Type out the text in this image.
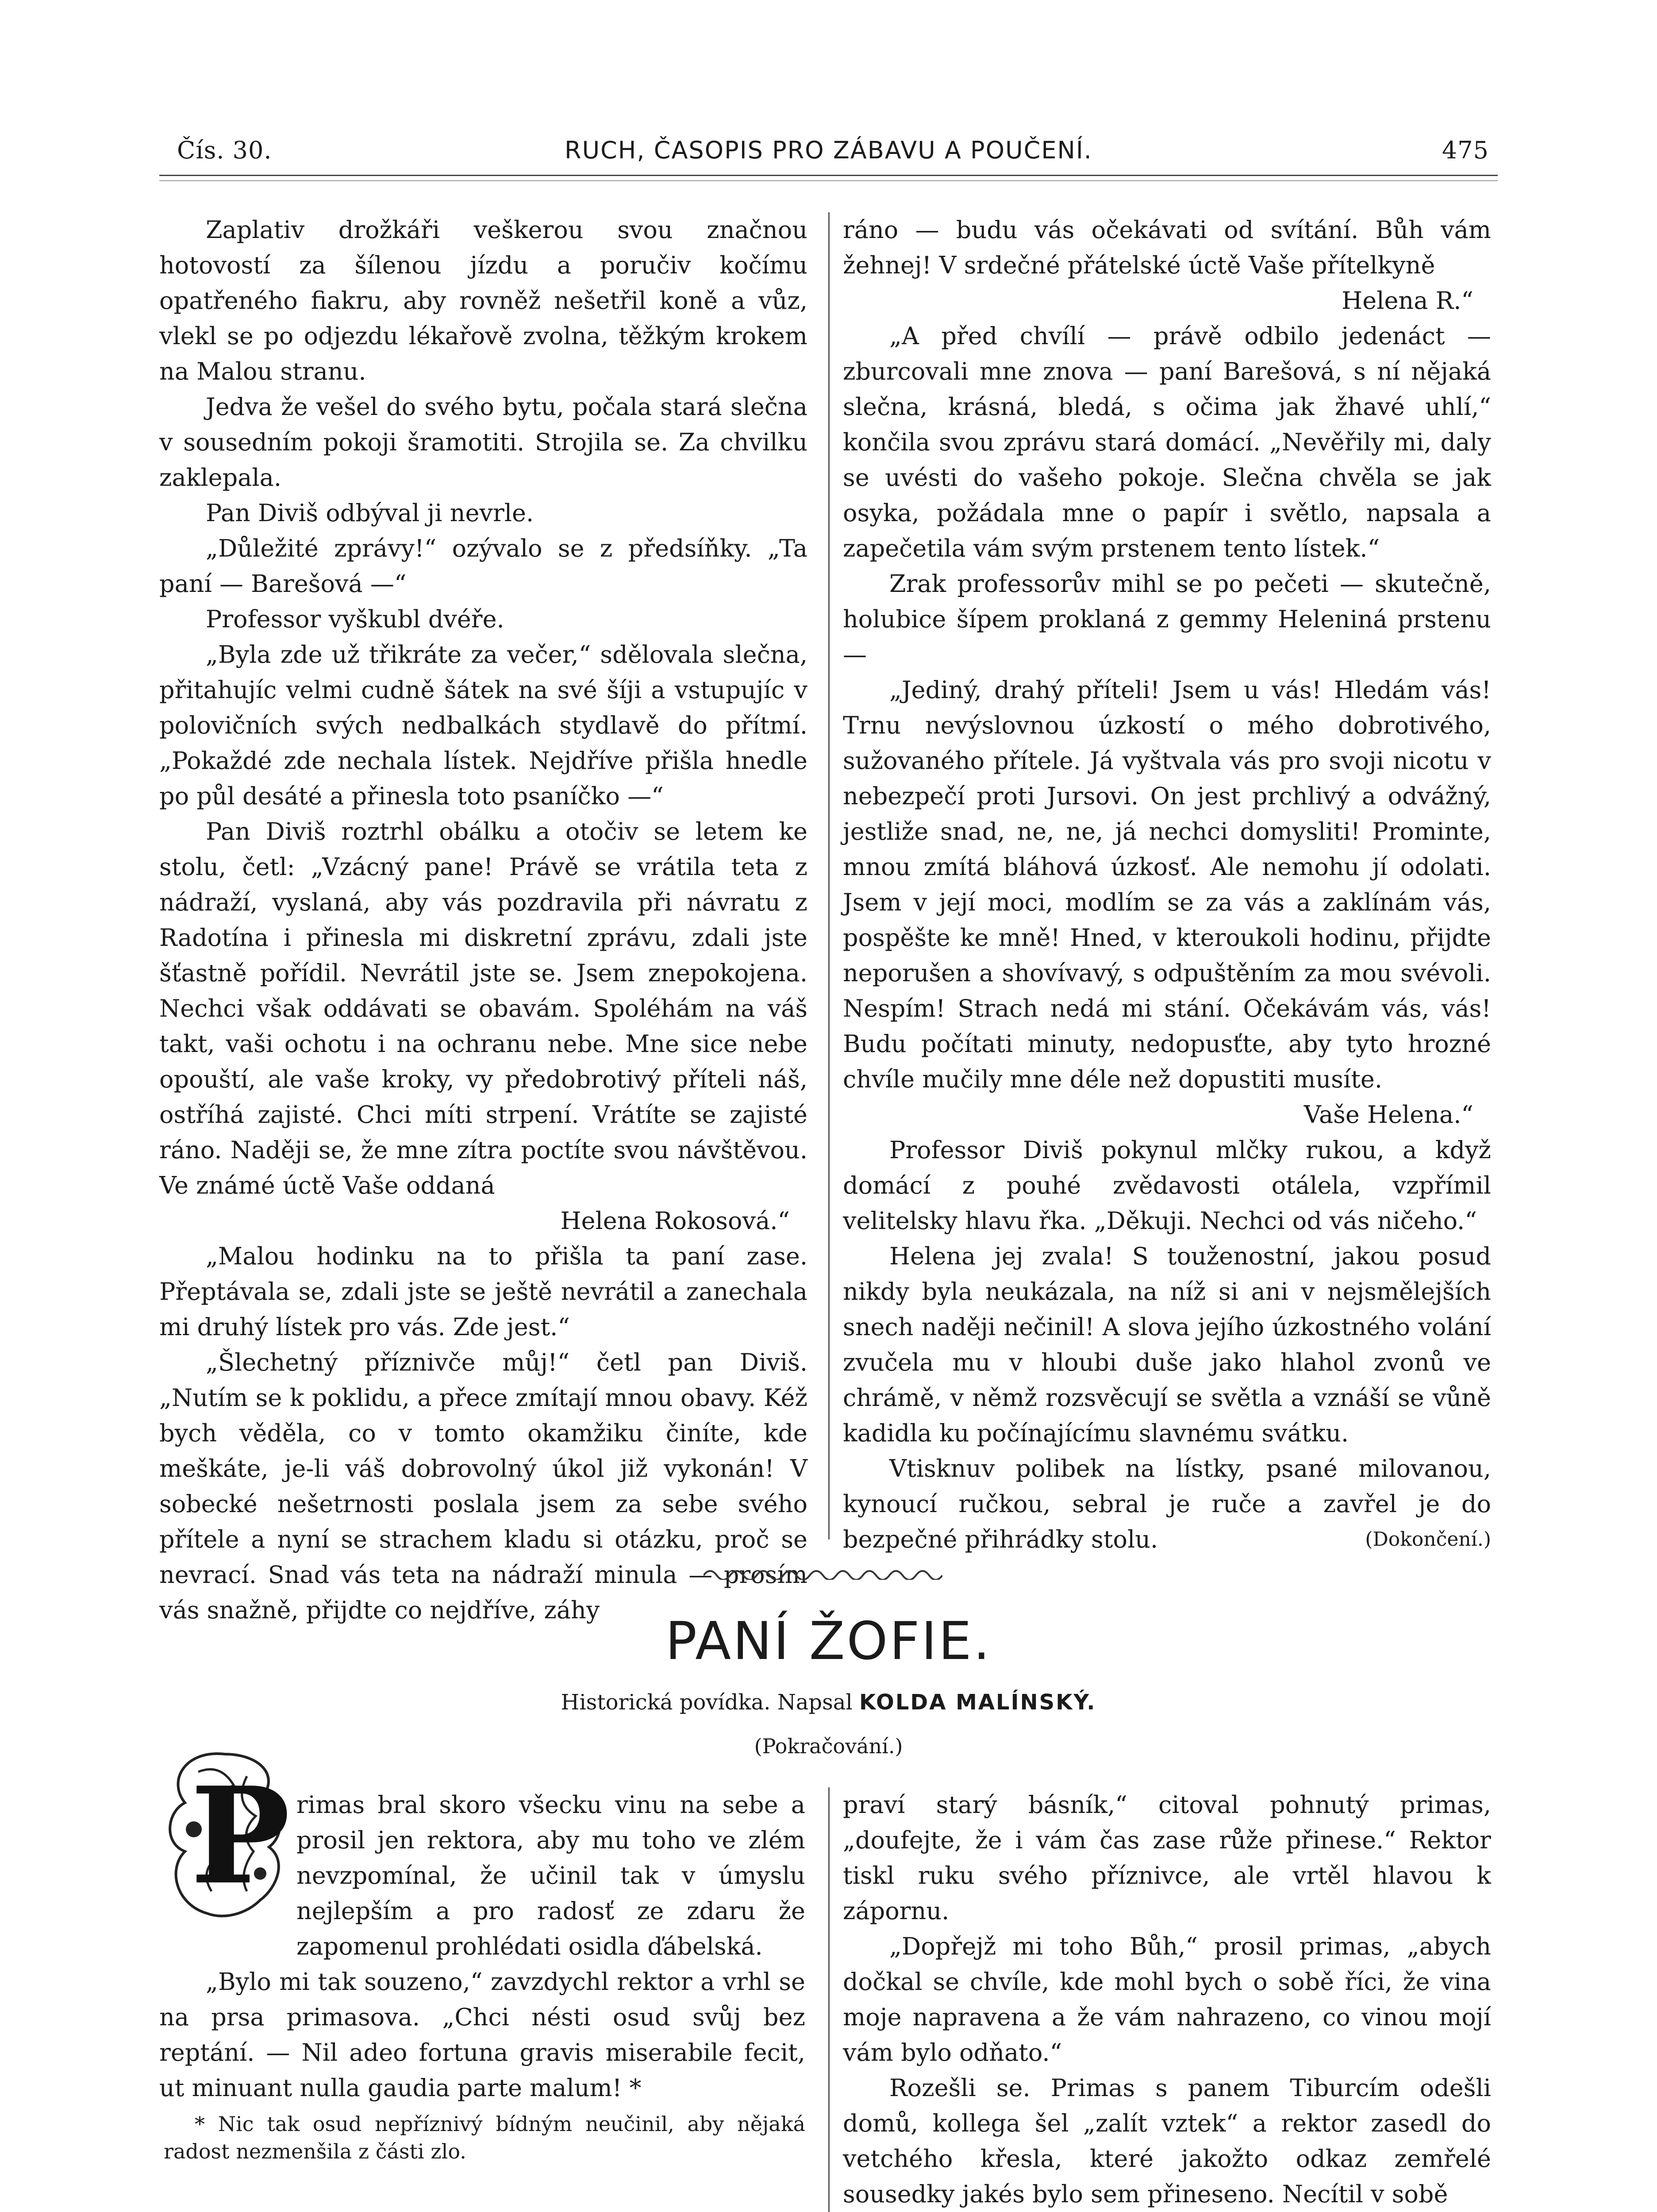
Čís. 30.	RUCH, ČASOPIS PRO ZÁBAVU A POUČENÍ.	475

Zaplativ drožkáři veškerou svou značnou hotovostí za šílenou jízdu a poručiv kočímu opatřeného fiakru, aby rovněž nešetřil koně a vůz, vlekl se po odjezdu lékařově zvolna, těžkým krokem na Malou stranu.

Jedva že vešel do svého bytu, počala stará slečna v sousedním pokoji šramotiti. Strojila se. Za chvilku zaklepala.

Pan Diviš odbýval ji nevrle.

„Důležité zprávy!“ ozývalo se z předsíňky. „Ta paní — Barešová —“

Professor vyškubl dvéře.

„Byla zde už třikráte za večer,“ sdělovala slečna, přitahujíc velmi cudně šátek na své šíji a vstupujíc v polovičních svých nedbalkách stydlavě do přítmí. „Pokaždé zde nechala lístek. Nejdříve přišla hnedle po půl desáté a přinesla toto psaníčko —“

Pan Diviš roztrhl obálku a otočiv se letem ke stolu, četl: „Vzácný pane! Právě se vrátila teta z nádraží, vyslaná, aby vás pozdravila při návratu z Radotína i přinesla mi diskretní zprávu, zdali jste šťastně pořídil. Nevrátil jste se. Jsem znepokojena. Nechci však oddávati se obavám. Spoléhám na váš takt, vaši ochotu i na ochranu nebe. Mne sice nebe opouští, ale vaše kroky, vy předobrotivý příteli náš, ostříhá zajisté. Chci míti strpení. Vrátíte se zajisté ráno. Naději se, že mne zítra poctíte svou návštěvou. Ve známé úctě Vaše oddaná

Helena Rokosová.“

„Malou hodinku na to přišla ta paní zase. Přeptávala se, zdali jste se ještě nevrátil a zanechala mi druhý lístek pro vás. Zde jest.“

„Šlechetný příznivče můj!“ četl pan Diviš. „Nutím se k poklidu, a přece zmítají mnou obavy. Kéž bych věděla, co v tomto okamžiku činíte, kde meškáte, je-li váš dobrovolný úkol již vykonán! V sobecké nešetrnosti poslala jsem za sebe svého přítele a nyní se strachem kladu si otázku, proč se nevrací. Snad vás teta na nádraží minula — prosím vás snažně, přijdte co nejdříve, záhy

ráno — budu vás očekávati od svítání. Bůh vám žehnej! V srdečné přátelské úctě Vaše přítelkyně

Helena R.“

„A před chvílí — právě odbilo jedenáct — zburcovali mne znova — paní Barešová, s ní nějaká slečna, krásná, bledá, s očima jak žhavé uhlí,“ končila svou zprávu stará domácí. „Nevěřily mi, daly se uvésti do vašeho pokoje. Slečna chvěla se jak osyka, požádala mne o papír i světlo, napsala a zapečetila vám svým prstenem tento lístek.“

Zrak professorův mihl se po pečeti — skutečně, holubice šípem proklaná z gemmy Heleniná prstenu —

„Jediný, drahý příteli! Jsem u vás! Hledám vás! Trnu nevýslovnou úzkostí o mého dobrotivého, sužovaného přítele. Já vyštvala vás pro svoji nicotu v nebezpečí proti Jursovi. On jest prchlivý a odvážný, jestliže snad, ne, ne, já nechci domysliti! Prominte, mnou zmítá bláhová úzkosť. Ale nemohu jí odolati. Jsem v její moci, modlím se za vás a zaklínám vás, pospěšte ke mně! Hned, v kteroukoli hodinu, přijdte neporušen a shovívavý, s odpuštěním za mou svévoli. Nespím! Strach nedá mi stání. Očekávám vás, vás! Budu počítati minuty, nedopusťte, aby tyto hrozné chvíle mučily mne déle než dopustiti musíte.

Vaše Helena.“

Professor Diviš pokynul mlčky rukou, a když domácí z pouhé zvědavosti otálela, vzpřímil velitelsky hlavu řka. „Děkuji. Nechci od vás ničeho.“

Helena jej zvala! S touženostní, jakou posud nikdy byla neukázala, na níž si ani v nejsmělejších snech naději nečinil! A slova jejího úzkostného volání zvučela mu v hloubi duše jako hlahol zvonů ve chrámě, v němž rozsvěcují se světla a vznáší se vůně kadidla ku počínajícímu slavnému svátku.

Vtisknuv polibek na lístky, psané milovanou, kynoucí ručkou, sebral je ruče a zavřel je do bezpečné přihrádky stolu.	(Dokončení.)

PANÍ ŽOFIE.
Historická povídka. Napsal KOLDA MALÍNSKÝ.
(Pokračování.)
P rimas bral skoro všecku vinu na sebe a prosil jen rektora, aby mu toho ve zlém nevzpomínal, že učinil tak v úmyslu nejlepším a pro radosť ze zdaru že zapomenul prohlédati osidla ďábelská.

„Bylo mi tak souzeno,“ zavzdychl rektor a vrhl se na prsa primasova. „Chci nésti osud svůj bez reptání. — Nil adeo fortuna gravis miserabile fecit, ut minuant nulla gaudia parte malum! *

* Nic tak osud nepříznivý bídným neučinil, aby nějaká radost nezmenšila z části zlo.

praví starý básník,“ citoval pohnutý primas, „doufejte, že i vám čas zase růže přinese.“ Rektor tiskl ruku svého příznivce, ale vrtěl hlavou k zápornu.

„Dopřejž mi toho Bůh,“ prosil primas, „abych dočkal se chvíle, kde mohl bych o sobě říci, že vina moje napravena a že vám nahrazeno, co vinou mojí vám bylo odňato.“

Rozešli se. Primas s panem Tiburcím odešli domů, kollega šel „zalít vztek“ a rektor zasedl do vetchého křesla, které jakožto odkaz zemřelé sousedky jakés bylo sem přineseno. Necítil v sobě
